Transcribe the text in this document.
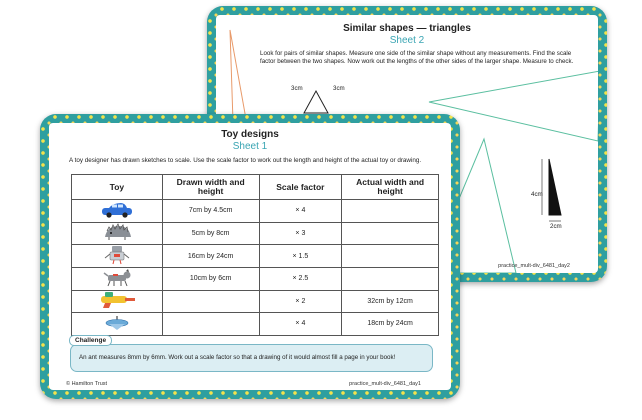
Similar shapes — triangles
Sheet 2
Look for pairs of similar shapes. Measure one side of the similar shape without any measurements. Find the scale factor between the two shapes. Now work out the lengths of the other sides of the larger shape. Measure to check.
3cm	3cm
4cm
2cm
practice_mult-div_6481_day2
Toy designs
Sheet 1
A toy designer has drawn sketches to scale. Use the scale factor to work out the length and height of the actual toy or drawing.
Toy	Drawn width and height	Scale factor	Actual width and height
	7cm by 4.5cm	× 4	
	5cm by 8cm	× 3	
	16cm by 24cm	× 1.5	
	10cm by 6cm	× 2.5	
		× 2	32cm by 12cm
		× 4	18cm by 24cm
An ant measures 8mm by 6mm. Work out a scale factor so that a drawing of it would almost fill a page in your book!
Challenge
© Hamilton Trust	practice_mult-div_6481_day1
